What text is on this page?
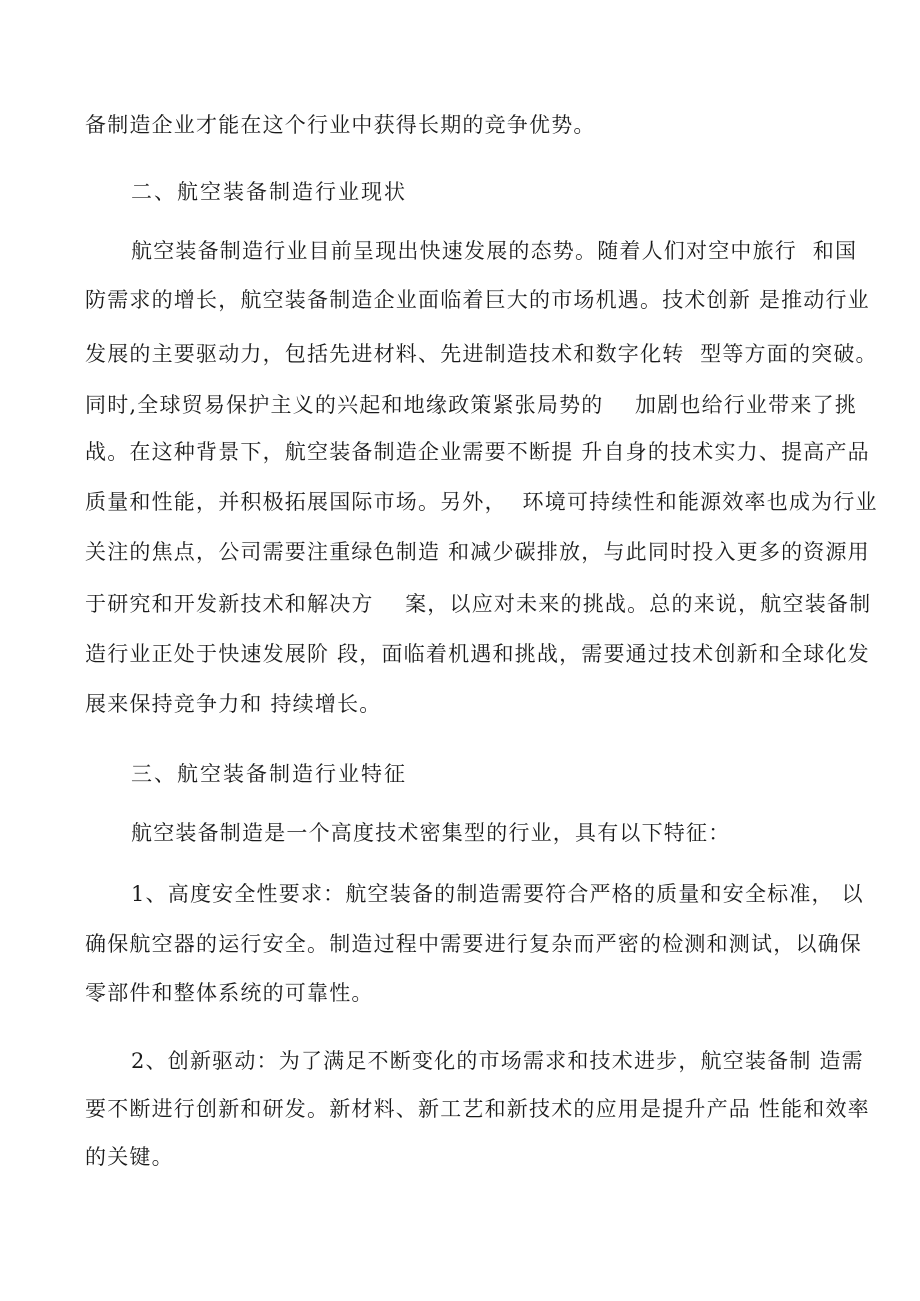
备制造企业才能在这个行业中获得长期的竞争优势。
二、航空装备制造行业现状
航空装备制造行业目前呈现出快速发展的态势。随着人们对空中旅行  和国
防需求的增长，航空装备制造企业面临着巨大的市场机遇。技术创新 是推动行业
发展的主要驱动力，包括先进材料、先进制造技术和数字化转  型等方面的突破。
同时,全球贸易保护主义的兴起和地缘政策紧张局势的    加剧也给行业带来了挑
战。在这种背景下，航空装备制造企业需要不断提 升自身的技术实力、提高产品
质量和性能，并积极拓展国际市场。另外，  环境可持续性和能源效率也成为行业
关注的焦点，公司需要注重绿色制造 和减少碳排放，与此同时投入更多的资源用
于研究和开发新技术和解决方    案，以应对未来的挑战。总的来说，航空装备制
造行业正处于快速发展阶 段，面临着机遇和挑战，需要通过技术创新和全球化发
展来保持竞争力和 持续增长。
三、航空装备制造行业特征
航空装备制造是一个高度技术密集型的行业，具有以下特征：
1、高度安全性要求：航空装备的制造需要符合严格的质量和安全标准， 以
确保航空器的运行安全。制造过程中需要进行复杂而严密的检测和测试，以确保
零部件和整体系统的可靠性。
2、创新驱动：为了满足不断变化的市场需求和技术进步，航空装备制 造需
要不断进行创新和研发。新材料、新工艺和新技术的应用是提升产品 性能和效率
的关键。
